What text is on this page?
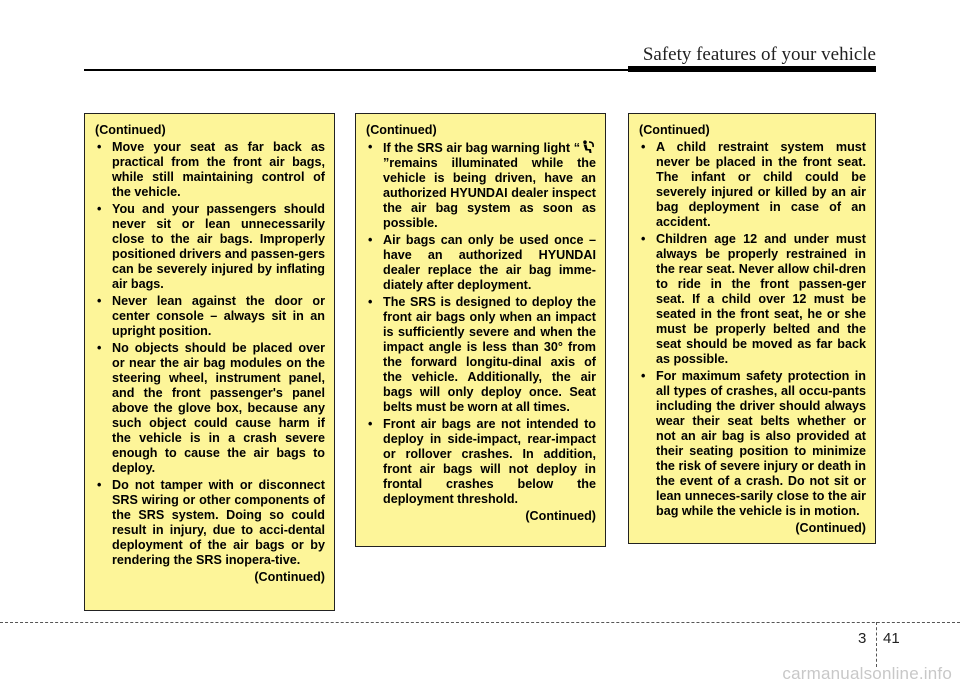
Safety features of your vehicle
(Continued)
• Move your seat as far back as practical from the front air bags, while still maintaining control of the vehicle.
• You and your passengers should never sit or lean unnecessarily close to the air bags. Improperly positioned drivers and passen-gers can be severely injured by inflating air bags.
• Never lean against the door or center console – always sit in an upright position.
• No objects should be placed over or near the air bag modules on the steering wheel, instrument panel, and the front passenger's panel above the glove box, because any such object could cause harm if the vehicle is in a crash severe enough to cause the air bags to deploy.
• Do not tamper with or disconnect SRS wiring or other components of the SRS system. Doing so could result in injury, due to acci-dental deployment of the air bags or by rendering the SRS inopera-tive.
(Continued)
(Continued)
• If the SRS air bag warning light “”remains illuminated while the vehicle is being driven, have an authorized HYUNDAI dealer inspect the air bag system as soon as possible.
• Air bags can only be used once – have an authorized HYUNDAI dealer replace the air bag imme-diately after deployment.
• The SRS is designed to deploy the front air bags only when an impact is sufficiently severe and when the impact angle is less than 30° from the forward longitu-dinal axis of the vehicle. Additionally, the air bags will only deploy once. Seat belts must be worn at all times.
• Front air bags are not intended to deploy in side-impact, rear-impact or rollover crashes. In addition, front air bags will not deploy in frontal crashes below the deployment threshold.
(Continued)
(Continued)
• A child restraint system must never be placed in the front seat. The infant or child could be severely injured or killed by an air bag deployment in case of an accident.
• Children age 12 and under must always be properly restrained in the rear seat. Never allow chil-dren to ride in the front passen-ger seat. If a child over 12 must be seated in the front seat, he or she must be properly belted and the seat should be moved as far back as possible.
• For maximum safety protection in all types of crashes, all occu-pants including the driver should always wear their seat belts whether or not an air bag is also provided at their seating position to minimize the risk of severe injury or death in the event of a crash. Do not sit or lean unneces-sarily close to the air bag while the vehicle is in motion.
(Continued)
3 41
carmanualsonline.info
